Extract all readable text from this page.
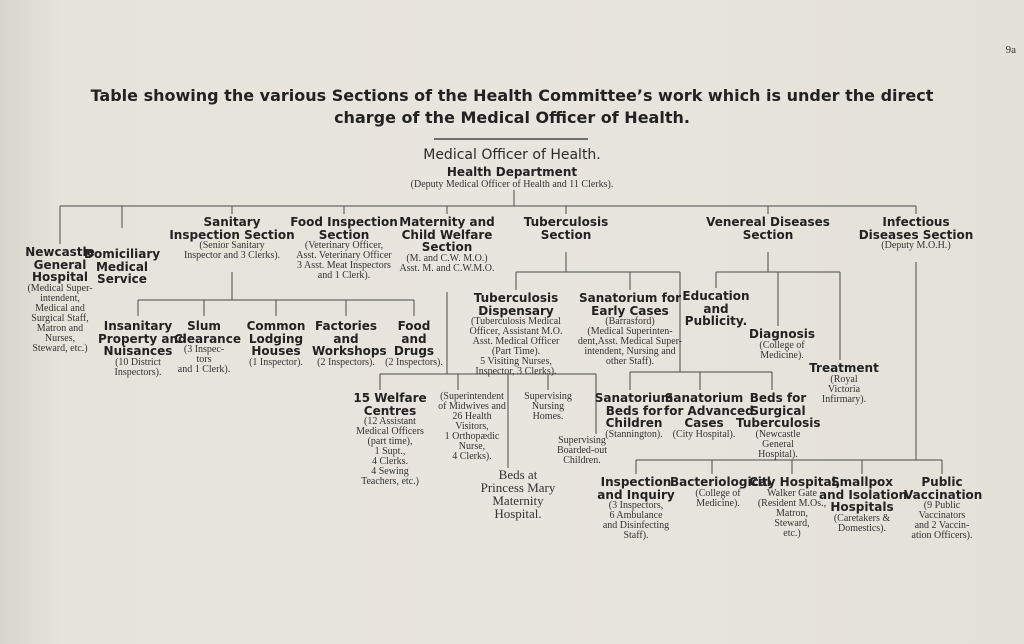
9a
Table showing the various Sections of the Health Committee’s work which is under the direct
charge of the Medical Officer of Health.
Medical Officer of Health.
Health Department
(Deputy Medical Officer of Health and 11 Clerks).
Newcastle
General
Hospital
(Medical Super-
intendent,
Medical and
Surgical Staff,
Matron and
Nurses,
Steward, etc.)
Domiciliary
Medical
Service
Sanitary
Inspection Section
(Senior Sanitary
Inspector and 3 Clerks).
Food Inspection
Section
(Veterinary Officer,
Asst. Veterinary Officer
3 Asst. Meat Inspectors
and 1 Clerk).
Maternity and
Child Welfare
Section
(M. and C.W. M.O.)
Asst. M. and C.W.M.O.
Tuberculosis
Section
Venereal Diseases
Section
Infectious
Diseases Section
(Deputy M.O.H.)
Insanitary
Property and
Nuisances
(10 District
Inspectors).
Slum
Clearance
(3 Inspec-
tors
and 1 Clerk).
Common
Lodging
Houses
(1 Inspector).
Factories
and
Workshops
(2 Inspectors).
Food
and
Drugs
(2 Inspectors).
15 Welfare
Centres
(12 Assistant
Medical Officers
(part time),
1 Supt.,
4 Clerks.
4 Sewing
Teachers, etc.)
(Superintendent
of Midwives and
26 Health
Visitors,
1 Orthopædic
Nurse,
4 Clerks).
Supervising
Nursing
Homes.
Supervising
Boarded-out
Children.
Beds at
Princess Mary
Maternity
Hospital.
Tuberculosis
Dispensary
(Tuberculosis Medical
Officer, Assistant M.O.
Asst. Medical Officer
(Part Time).
5 Visiting Nurses,
Inspector, 3 Clerks).
Sanatorium for
Early Cases
(Barrasford)
(Medical Superinten-
dent,Asst. Medical Super-
intendent, Nursing and
other Staff).
Sanatorium
Beds for
Children
(Stannington).
Sanatorium
for Advanced
Cases
(City Hospital).
Beds for
Surgical
Tuberculosis
(Newcastle
General
Hospital).
Education
and
Publicity.
Diagnosis
(College of
Medicine).
Treatment
(Royal
Victoria
Infirmary).
Inspection
and Inquiry
(3 Inspectors,
6 Ambulance
and Disinfecting
Staff).
Bacteriological
(College of
Medicine).
City Hospital,
Walker Gate
(Resident M.Os.,
Matron,
Steward,
etc.)
Smallpox
and Isolation
Hospitals
(Caretakers &
Domestics).
Public
Vaccination
(9 Public
Vaccinators
and 2 Vaccin-
ation Officers).
